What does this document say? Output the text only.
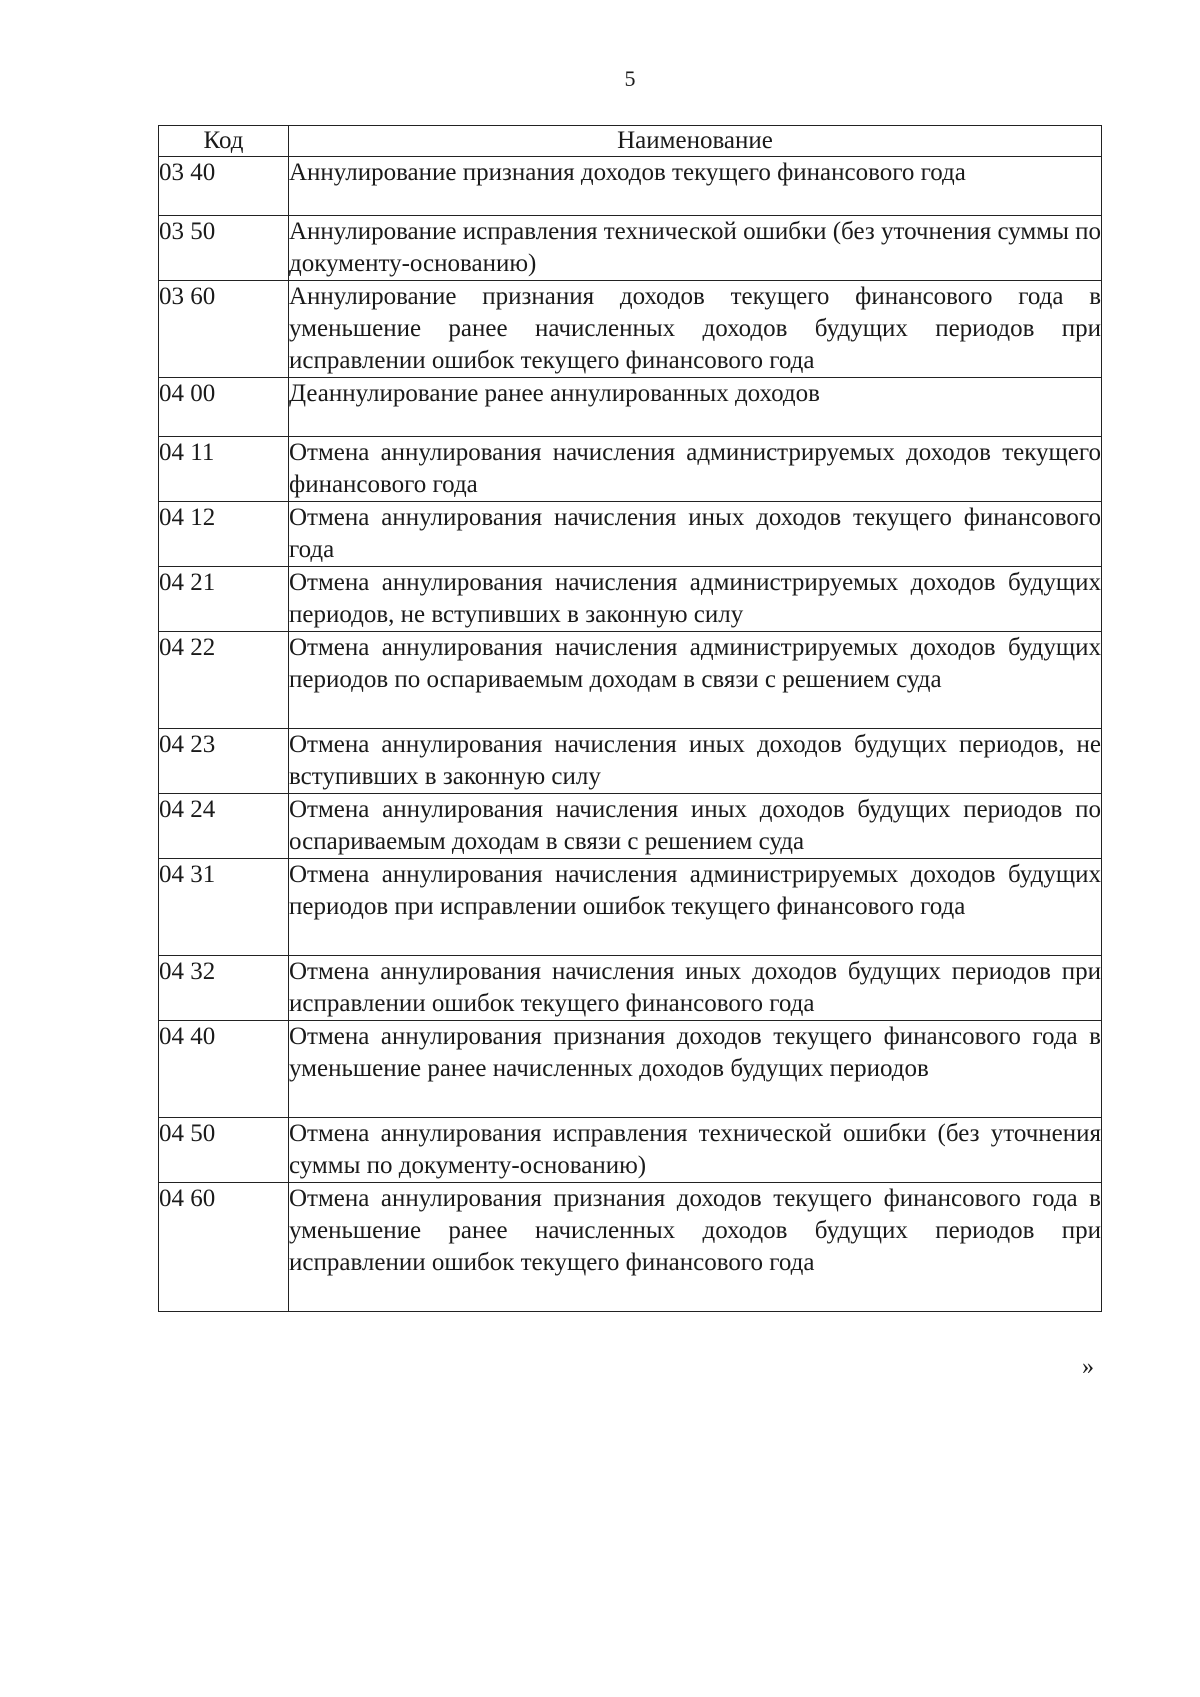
5
Код	Наименование
03 40	Аннулирование признания доходов текущего финансового года
03 50	Аннулирование исправления технической ошибки (без уточнения суммы по документу-основанию)
03 60	Аннулирование признания доходов текущего финансового года в уменьшение ранее начисленных доходов будущих периодов при исправлении ошибок текущего финансового года
04 00	Деаннулирование ранее аннулированных доходов
04 11	Отмена аннулирования начисления администрируемых доходов текущего финансового года
04 12	Отмена аннулирования начисления иных доходов текущего финансового года
04 21	Отмена аннулирования начисления администрируемых доходов будущих периодов, не вступивших в законную силу
04 22	Отмена аннулирования начисления администрируемых доходов будущих периодов по оспариваемым доходам в связи с решением суда
04 23	Отмена аннулирования начисления иных доходов будущих периодов, не вступивших в законную силу
04 24	Отмена аннулирования начисления иных доходов будущих периодов по оспариваемым доходам в связи с решением суда
04 31	Отмена аннулирования начисления администрируемых доходов будущих периодов при исправлении ошибок текущего финансового года
04 32	Отмена аннулирования начисления иных доходов будущих периодов при исправлении ошибок текущего финансового года
04 40	Отмена аннулирования признания доходов текущего финансового года в уменьшение ранее начисленных доходов будущих периодов
04 50	Отмена аннулирования исправления технической ошибки (без уточнения суммы по документу-основанию)
04 60	Отмена аннулирования признания доходов текущего финансового года в уменьшение ранее начисленных доходов будущих периодов при исправлении ошибок текущего финансового года
»
